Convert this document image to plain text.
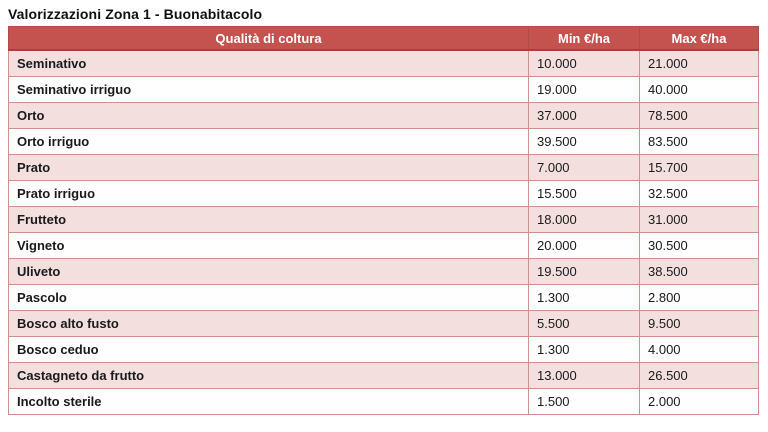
Valorizzazioni Zona 1 - Buonabitacolo
Qualità di coltura	Min €/ha	Max €/ha
Seminativo	10.000	21.000
Seminativo irriguo	19.000	40.000
Orto	37.000	78.500
Orto irriguo	39.500	83.500
Prato	7.000	15.700
Prato irriguo	15.500	32.500
Frutteto	18.000	31.000
Vigneto	20.000	30.500
Uliveto	19.500	38.500
Pascolo	1.300	2.800
Bosco alto fusto	5.500	9.500
Bosco ceduo	1.300	4.000
Castagneto da frutto	13.000	26.500
Incolto sterile	1.500	2.000
